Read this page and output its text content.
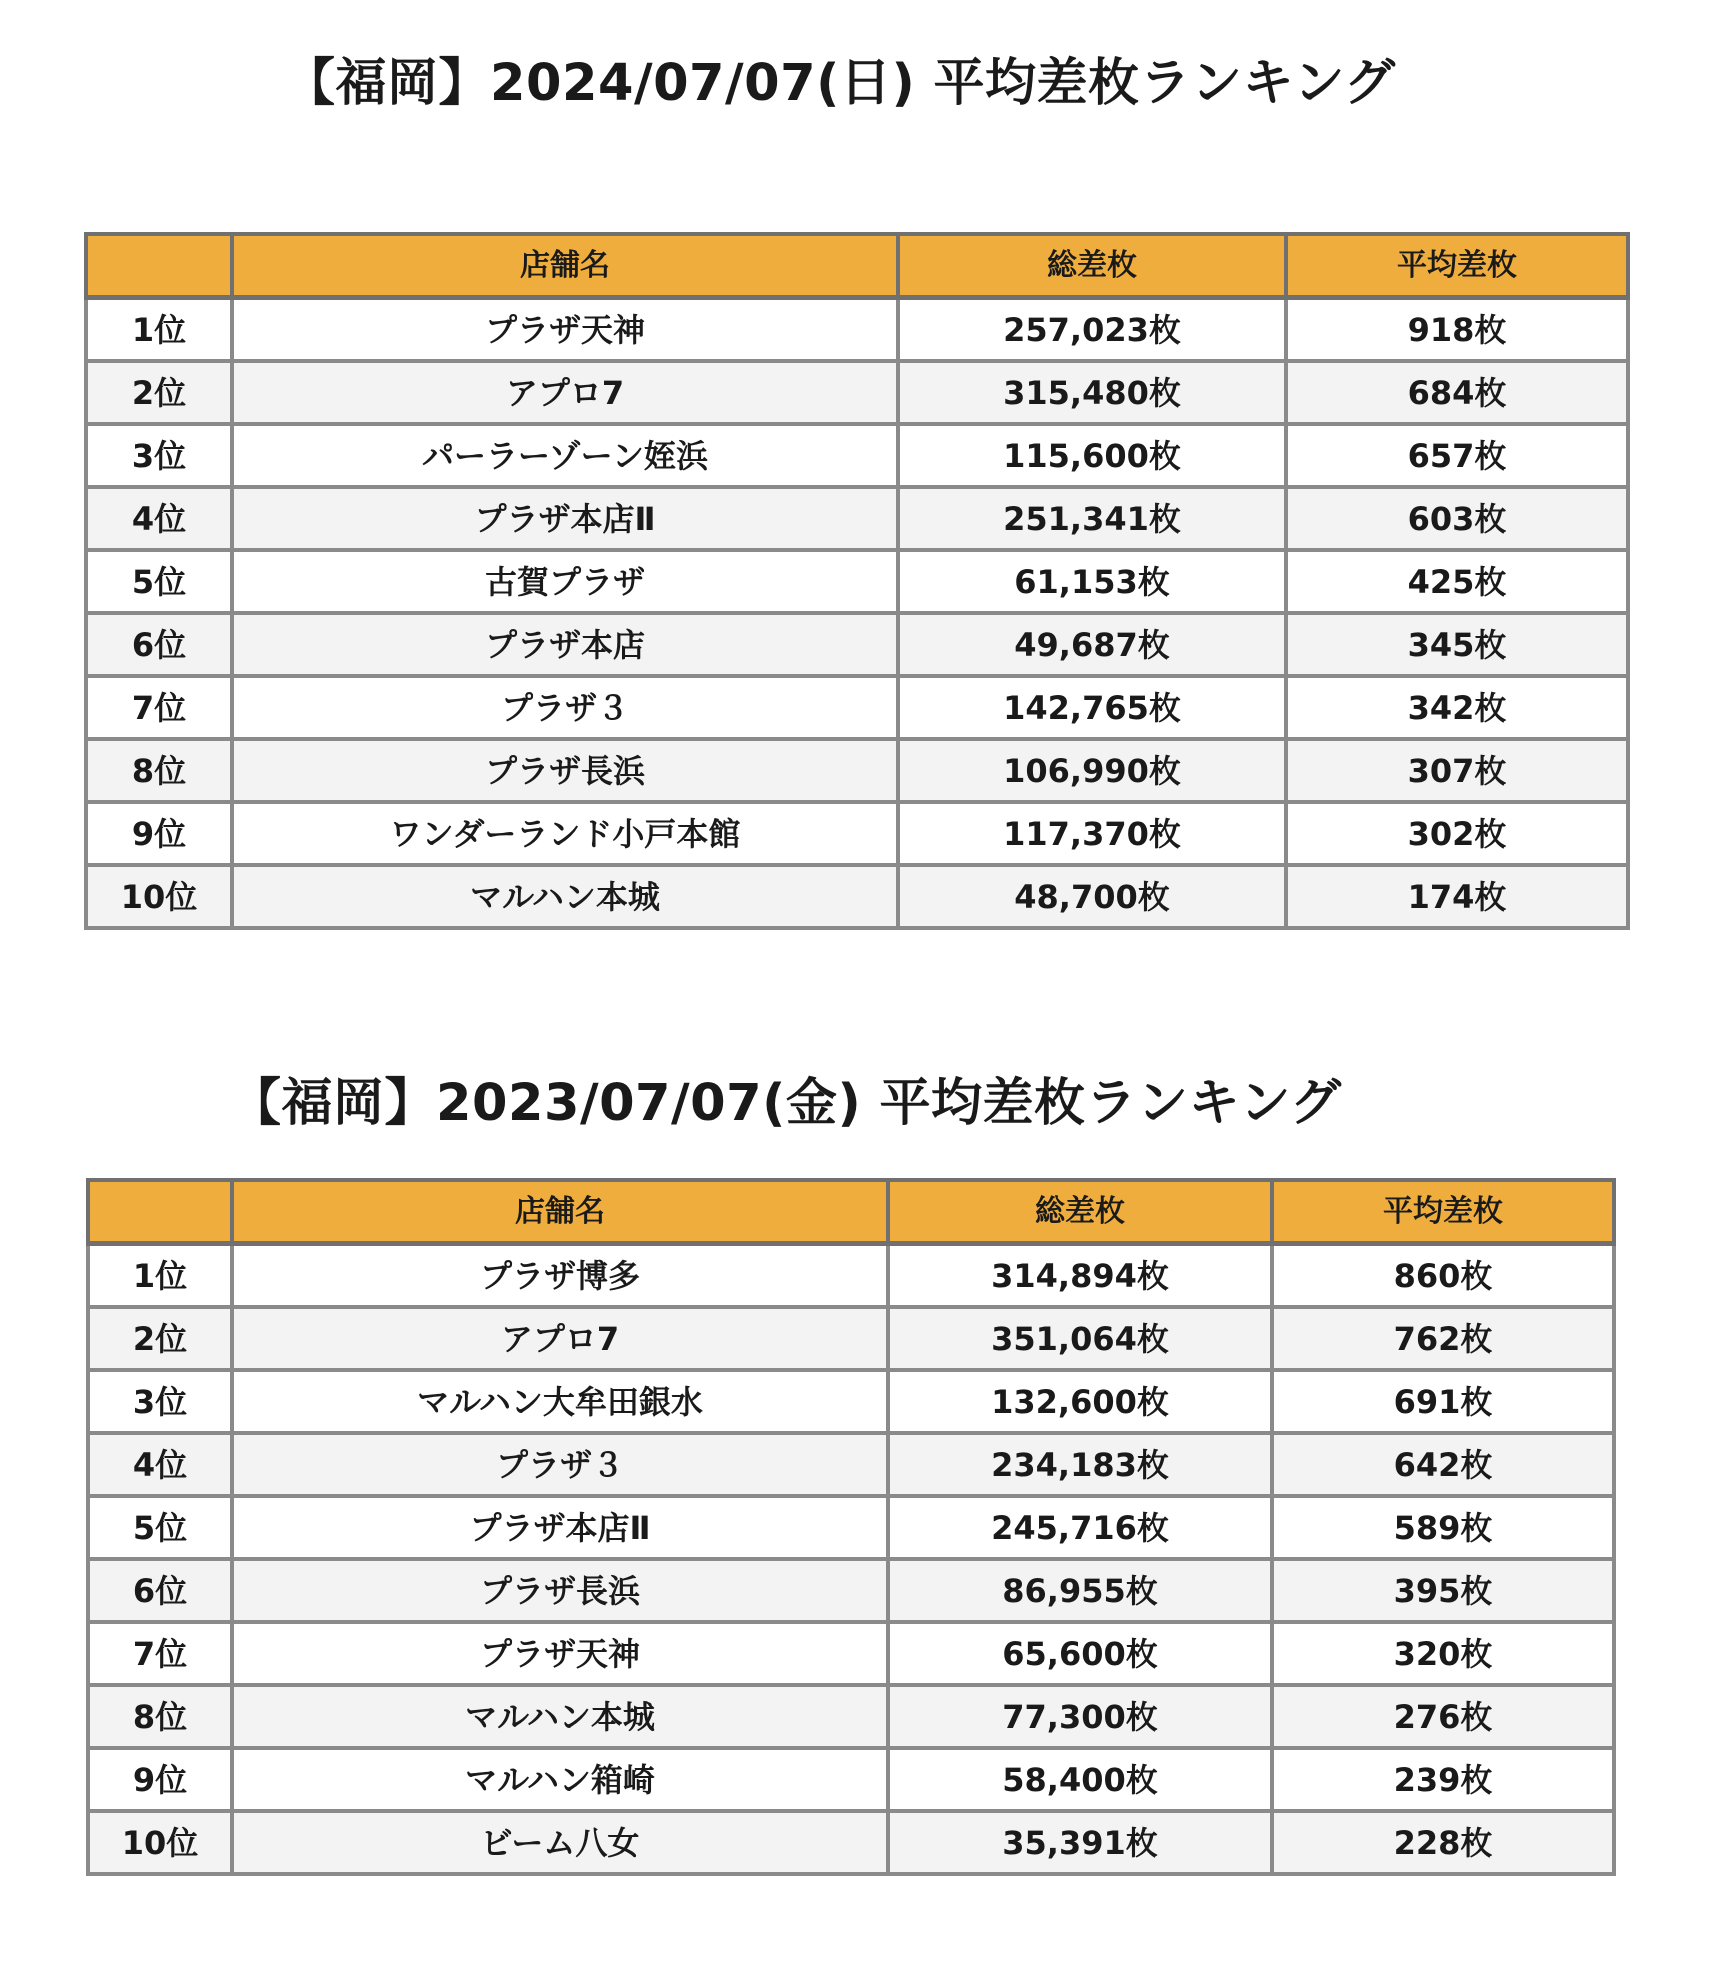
【福岡】2024/07/07(日) 平均差枚ランキング
	店舗名	総差枚	平均差枚
1位	プラザ天神	257,023枚	918枚
2位	アプロ7	315,480枚	684枚
3位	パーラーゾーン姪浜	115,600枚	657枚
4位	プラザ本店Ⅱ	251,341枚	603枚
5位	古賀プラザ	61,153枚	425枚
6位	プラザ本店	49,687枚	345枚
7位	プラザ３	142,765枚	342枚
8位	プラザ長浜	106,990枚	307枚
9位	ワンダーランド小戸本館	117,370枚	302枚
10位	マルハン本城	48,700枚	174枚
【福岡】2023/07/07(金) 平均差枚ランキング
	店舗名	総差枚	平均差枚
1位	プラザ博多	314,894枚	860枚
2位	アプロ7	351,064枚	762枚
3位	マルハン大牟田銀水	132,600枚	691枚
4位	プラザ３	234,183枚	642枚
5位	プラザ本店Ⅱ	245,716枚	589枚
6位	プラザ長浜	86,955枚	395枚
7位	プラザ天神	65,600枚	320枚
8位	マルハン本城	77,300枚	276枚
9位	マルハン箱崎	58,400枚	239枚
10位	ビーム八女	35,391枚	228枚
